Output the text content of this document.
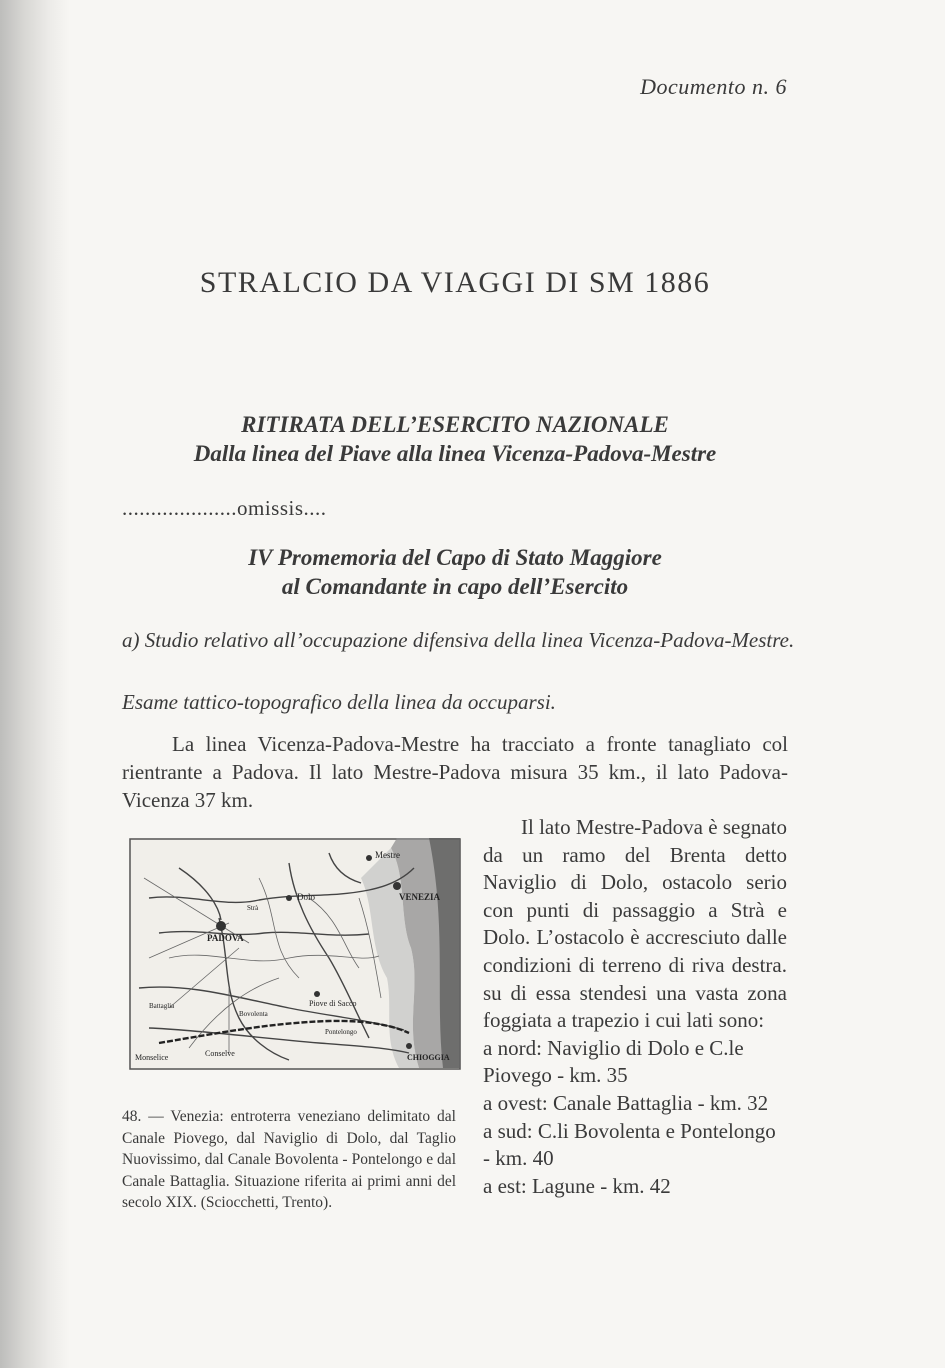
Documento n. 6
STRALCIO DA VIAGGI DI SM 1886
RITIRATA DELL’ESERCITO NAZIONALE
Dalla linea del Piave alla linea Vicenza-Padova-Mestre
....................omissis....
IV Promemoria del Capo di Stato Maggiore
al Comandante in capo dell’Esercito
a) Studio relativo all’occupazione difensiva della linea Vicenza-Padova-Mestre.
Esame tattico-topografico della linea da occuparsi.
La linea Vicenza-Padova-Mestre ha tracciato a fronte tanagliato col rientrante a Padova. Il lato Mestre-Padova misura 35 km., il lato Padova-Vicenza 37 km.

Il lato Mestre-Padova è segnato da un ramo del Brenta detto Naviglio di Dolo, ostacolo serio con punti di passaggio a Strà e Dolo. L’ostacolo è accresciuto dalle condizioni di terreno di riva destra. su di essa stendesi una vasta zona foggiata a trapezio i cui lati sono:

a nord: Naviglio di Dolo e C.le Piovego - km. 35

a ovest: Canale Battaglia - km. 32

a sud: C.li Bovolenta e Pontelongo - km. 40

a est: Lagune - km. 42

Mestre
Dolo
PADOVA
VENEZIA
Piove di Sacco
Monselice	Conselve	CHIOGGIA
Battaglia
Bovolenta
Pontelongo
Strà
48. — Venezia: entroterra veneziano delimitato dal Canale Piovego, dal Naviglio di Dolo, dal Taglio Nuovissimo, dal Canale Bovolenta - Pontelongo e dal Canale Battaglia. Situazione riferita ai primi anni del secolo XIX. (Sciocchetti, Trento).
